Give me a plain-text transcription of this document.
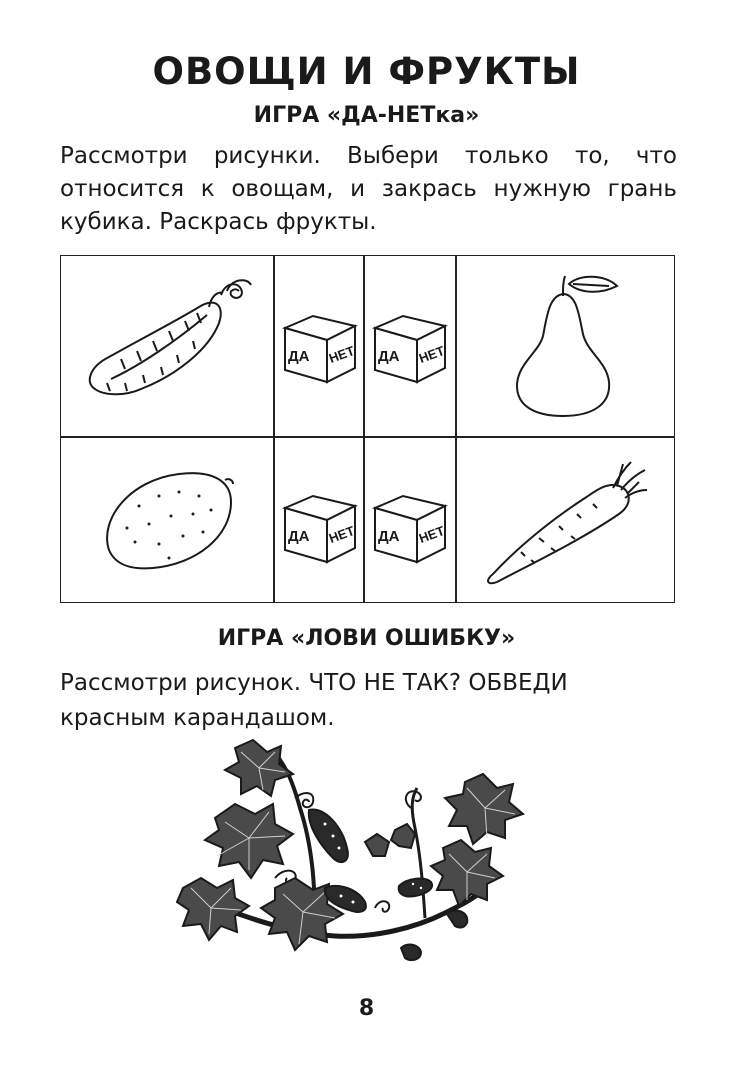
ОВОЩИ И ФРУКТЫ
ИГРА «ДА-НЕТка»
Рассмотри рисунки. Выбери только то, что относится к овощам, и закрась нужную грань кубика. Раскрась фрукты.
ДА НЕТ ДА НЕТ
ДА НЕТ ДА НЕТ
ИГРА «ЛОВИ ОШИБКУ»
Рассмотри рисунок. ЧТО НЕ ТАК? ОБВЕДИ красным карандашом.
8
